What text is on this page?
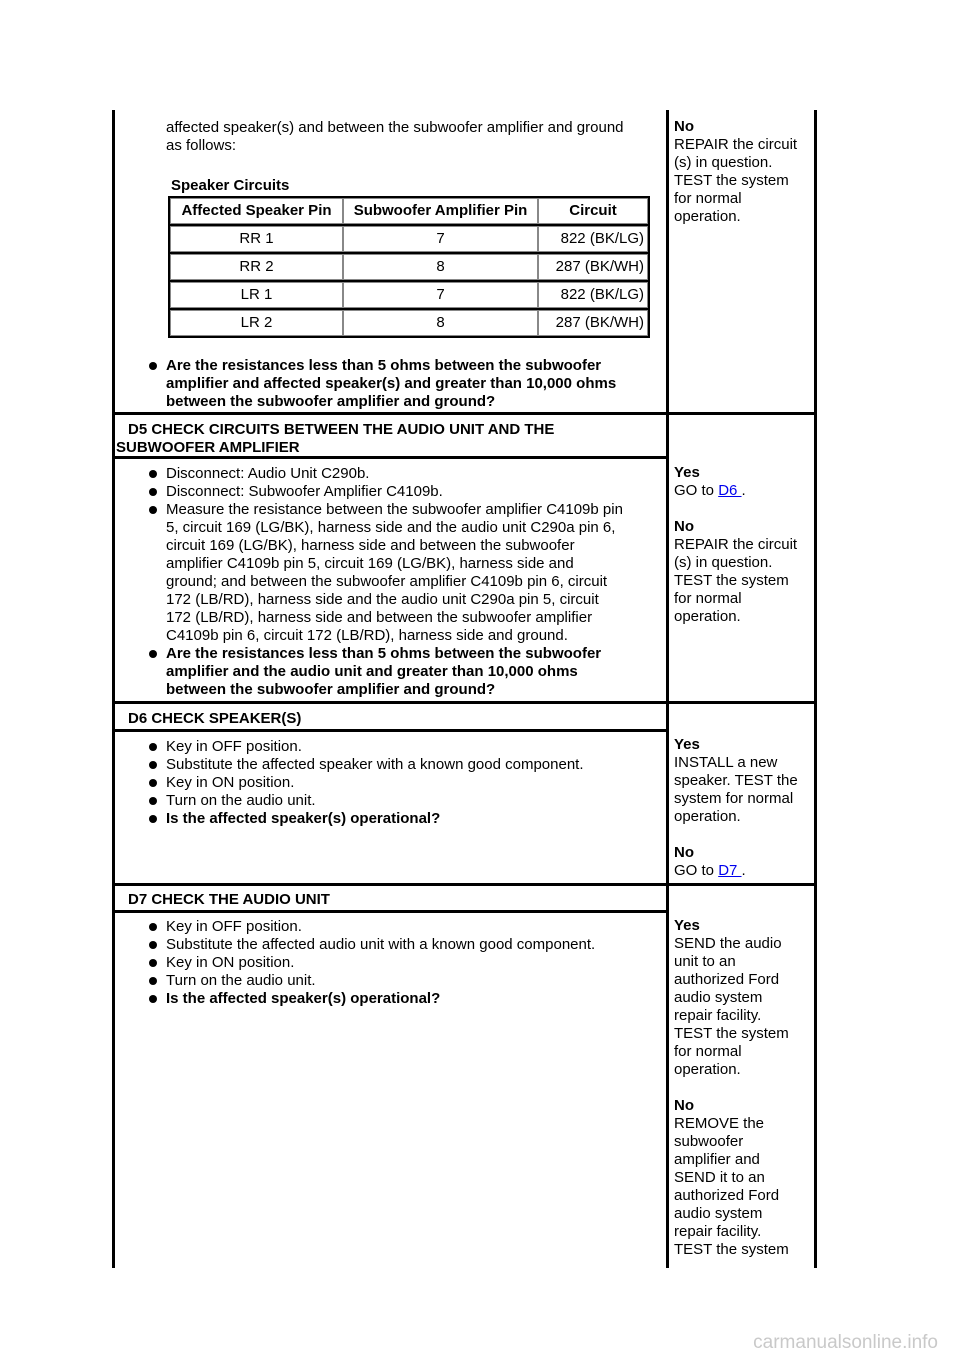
affected speaker(s) and between the subwoofer amplifier and ground
as follows:
Speaker Circuits
Affected Speaker Pin	Subwoofer Amplifier Pin	Circuit

RR 1	7	822 (BK/LG)

RR 2	8	287 (BK/WH)

LR 1	7	822 (BK/LG)

LR 2	8	287 (BK/WH)
Are the resistances less than 5 ohms between the subwoofer
amplifier and affected speaker(s) and greater than 10,000 ohms
between the subwoofer amplifier and ground?

No

REPAIR the circuit

(s) in question.

TEST the system

for normal

operation.

D5 CHECK CIRCUITS BETWEEN THE AUDIO UNIT AND THE
SUBWOOFER AMPLIFIER
Disconnect: Audio Unit C290b.
Disconnect: Subwoofer Amplifier C4109b.
Measure the resistance between the subwoofer amplifier C4109b pin
5, circuit 169 (LG/BK), harness side and the audio unit C290a pin 6,
circuit 169 (LG/BK), harness side and between the subwoofer
amplifier C4109b pin 5, circuit 169 (LG/BK), harness side and
ground; and between the subwoofer amplifier C4109b pin 6, circuit
172 (LB/RD), harness side and the audio unit C290a pin 5, circuit
172 (LB/RD), harness side and between the subwoofer amplifier
C4109b pin 6, circuit 172 (LB/RD), harness side and ground.
Are the resistances less than 5 ohms between the subwoofer
amplifier and the audio unit and greater than 10,000 ohms
between the subwoofer amplifier and ground?

Yes

GO to D6 .

No

REPAIR the circuit

(s) in question.

TEST the system

for normal

operation.

D6 CHECK SPEAKER(S)
Key in OFF position.
Substitute the affected speaker with a known good component.
Key in ON position.
Turn on the audio unit.
Is the affected speaker(s) operational?

Yes

INSTALL a new

speaker. TEST the

system for normal

operation.

No

GO to D7 .

D7 CHECK THE AUDIO UNIT
Key in OFF position.
Substitute the affected audio unit with a known good component.
Key in ON position.
Turn on the audio unit.
Is the affected speaker(s) operational?

Yes

SEND the audio

unit to an

authorized Ford

audio system

repair facility.

TEST the system

for normal

operation.

No

REMOVE the

subwoofer

amplifier and

SEND it to an

authorized Ford

audio system

repair facility.

TEST the system

carmanualsonline.info
